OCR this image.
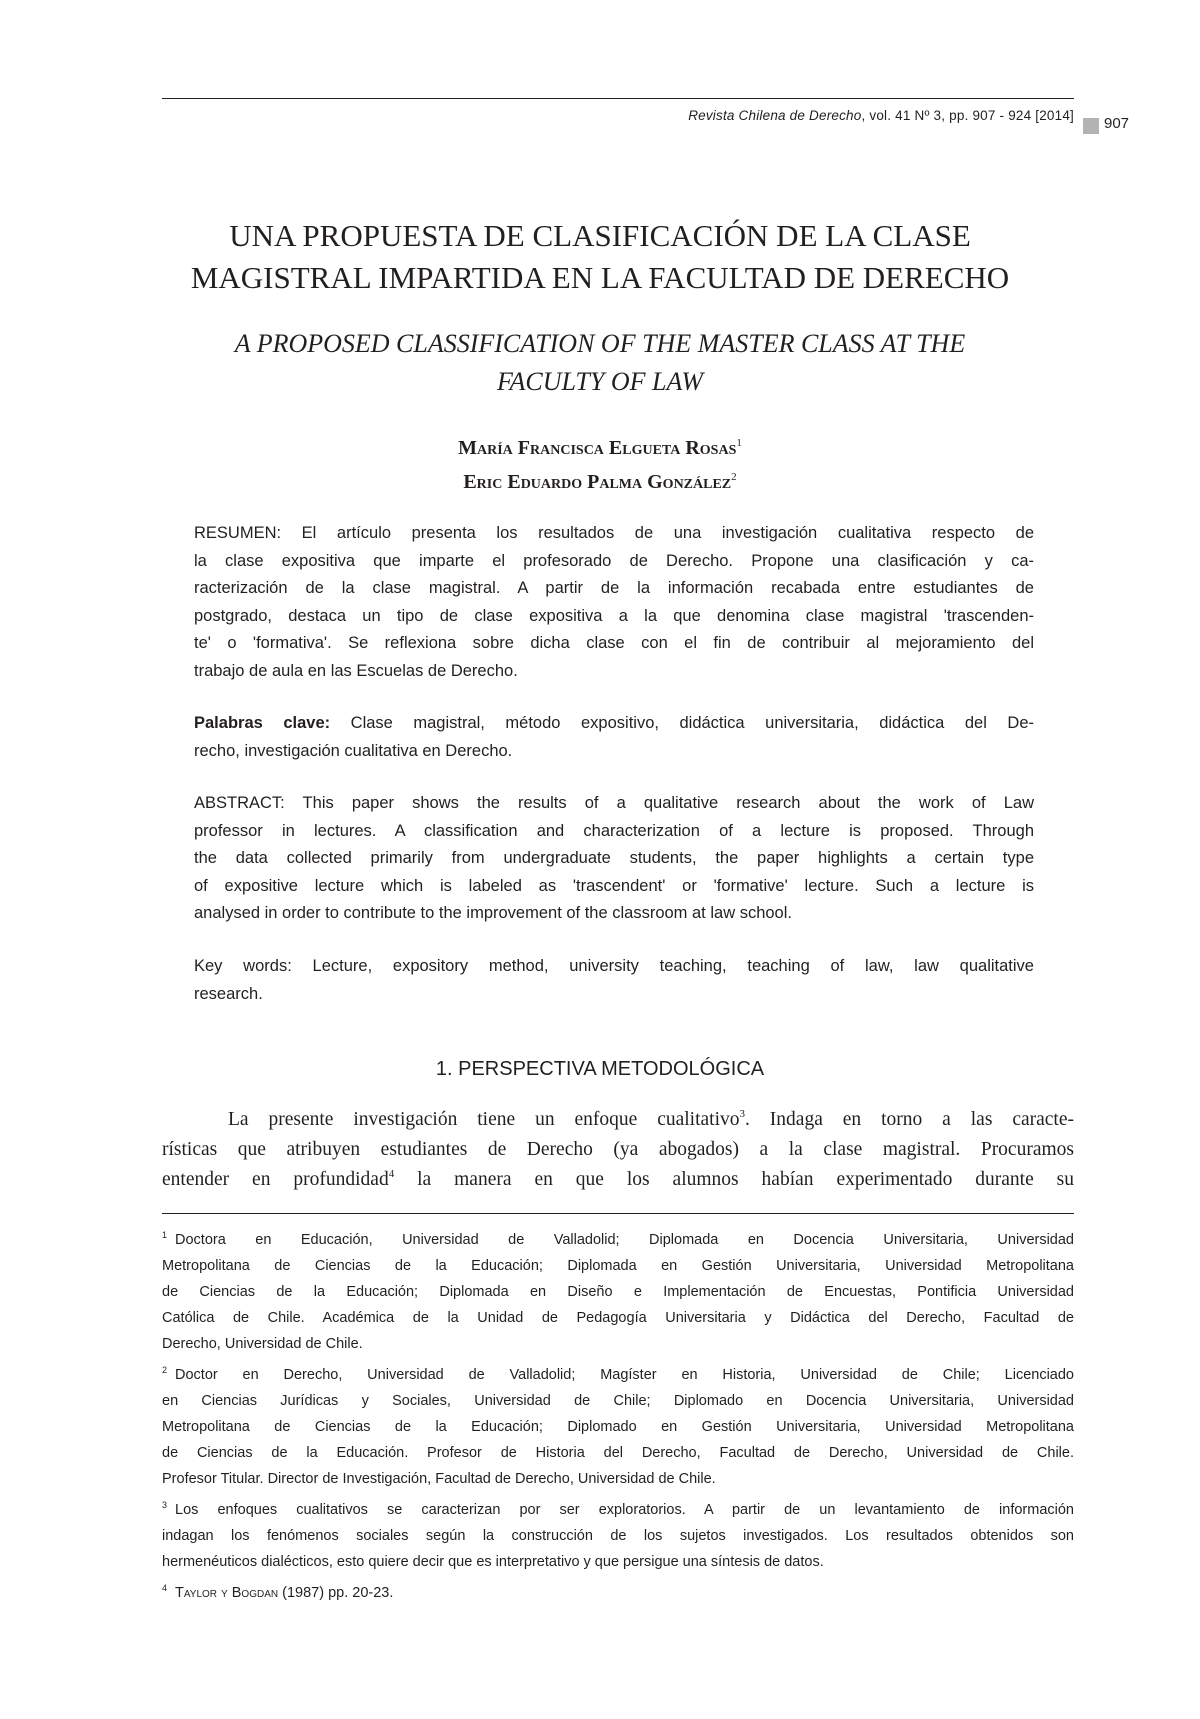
Revista Chilena de Derecho, vol. 41 Nº 3, pp. 907 - 924 [2014] 907
UNA PROPUESTA DE CLASIFICACIÓN DE LA CLASE
MAGISTRAL IMPARTIDA EN LA FACULTAD DE DERECHO
A PROPOSED CLASSIFICATION OF THE MASTER CLASS AT THE
FACULTY OF LAW
María Francisca Elgueta Rosas$^1$
Eric Eduardo Palma González$^2$
RESUMEN: El artículo presenta los resultados de una investigación cualitativa respecto de
la clase expositiva que imparte el profesorado de Derecho. Propone una clasificación y ca-
racterización de la clase magistral. A partir de la información recabada entre estudiantes de
postgrado, destaca un tipo de clase expositiva a la que denomina clase magistral 'trascenden-
te' o 'formativa'. Se reflexiona sobre dicha clase con el fin de contribuir al mejoramiento del
trabajo de aula en las Escuelas de Derecho.
Palabras clave: Clase magistral, método expositivo, didáctica universitaria, didáctica del De-
recho, investigación cualitativa en Derecho.
ABSTRACT: This paper shows the results of a qualitative research about the work of Law
professor in lectures. A classification and characterization of a lecture is proposed. Through
the data collected primarily from undergraduate students, the paper highlights a certain type
of expositive lecture which is labeled as 'trascendent' or 'formative' lecture. Such a lecture is
analysed in order to contribute to the improvement of the classroom at law school.
Key words: Lecture, expository method, university teaching, teaching of law, law qualitative
research.
1. PERSPECTIVA METODOLÓGICA
La presente investigación tiene un enfoque cualitativo$^3$. Indaga en torno a las caracte-
rísticas que atribuyen estudiantes de Derecho (ya abogados) a la clase magistral. Procuramos
entender en profundidad$^4$ la manera en que los alumnos habían experimentado durante su
$^1$ Doctora en Educación, Universidad de Valladolid; Diplomada en Docencia Universitaria, Universidad
Metropolitana de Ciencias de la Educación; Diplomada en Gestión Universitaria, Universidad Metropolitana
de Ciencias de la Educación; Diplomada en Diseño e Implementación de Encuestas, Pontificia Universidad
Católica de Chile. Académica de la Unidad de Pedagogía Universitaria y Didáctica del Derecho, Facultad de
Derecho, Universidad de Chile.
$^2$ Doctor en Derecho, Universidad de Valladolid; Magíster en Historia, Universidad de Chile; Licenciado
en Ciencias Jurídicas y Sociales, Universidad de Chile; Diplomado en Docencia Universitaria, Universidad
Metropolitana de Ciencias de la Educación; Diplomado en Gestión Universitaria, Universidad Metropolitana
de Ciencias de la Educación. Profesor de Historia del Derecho, Facultad de Derecho, Universidad de Chile.
Profesor Titular. Director de Investigación, Facultad de Derecho, Universidad de Chile.
$^3$ Los enfoques cualitativos se caracterizan por ser exploratorios. A partir de un levantamiento de información
indagan los fenómenos sociales según la construcción de los sujetos investigados. Los resultados obtenidos son
hermenéuticos dialécticos, esto quiere decir que es interpretativo y que persigue una síntesis de datos.
$^4$ Taylor y Bogdan (1987) pp. 20-23.
